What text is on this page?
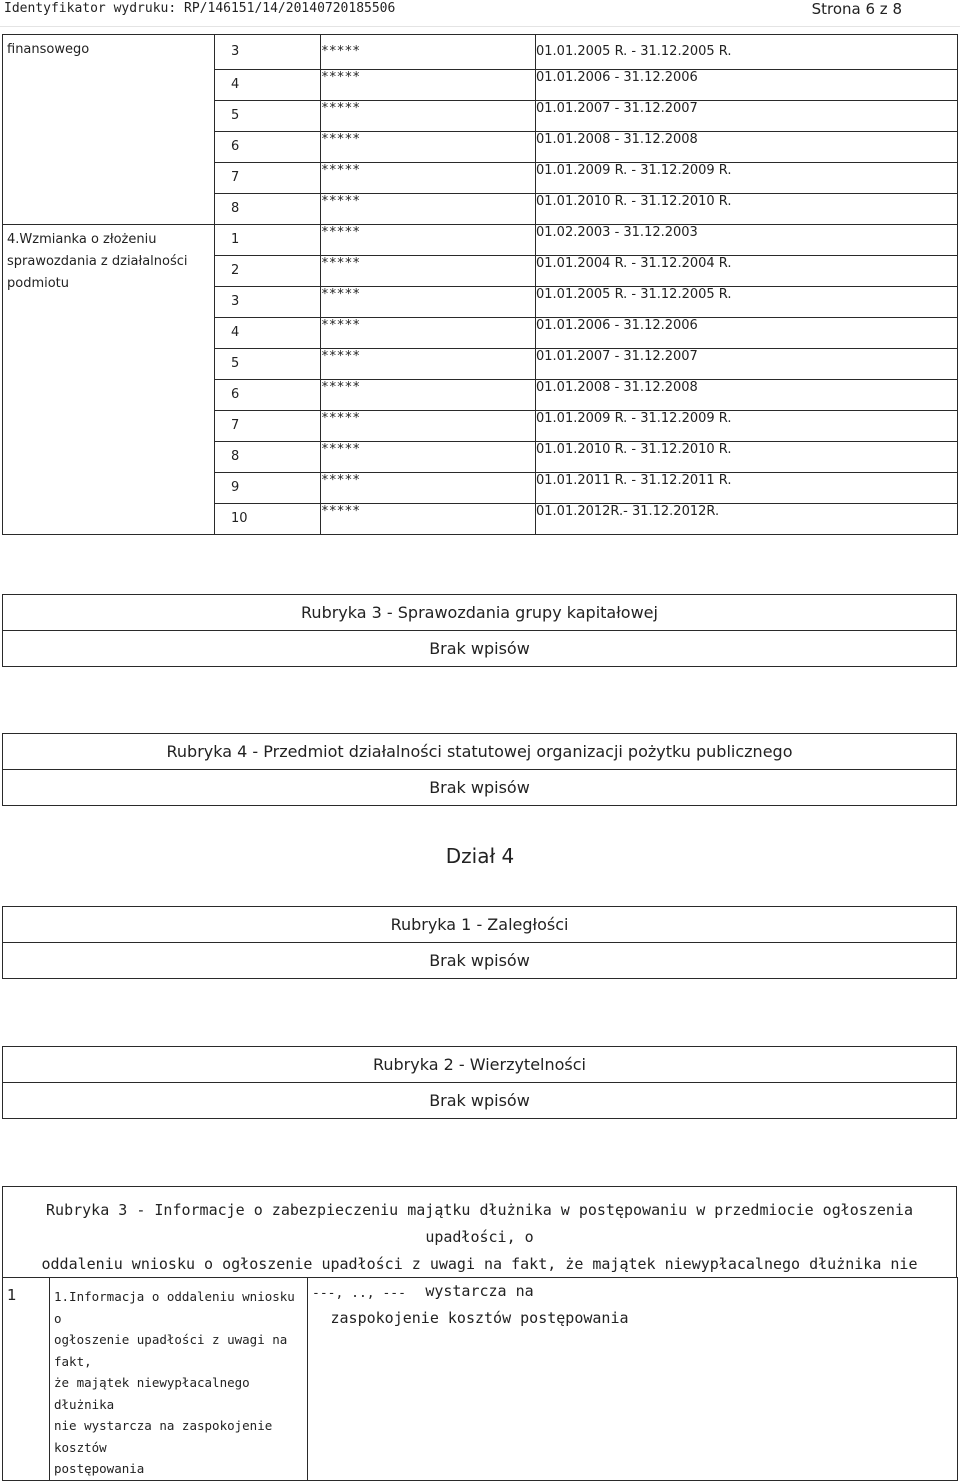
Identyfikator wydruku: RP/146151/14/20140720185506	Strona 6 z 8
finansowego	3	*****	01.01.2005 R. - 31.12.2005 R.
	4	*****	01.01.2006 - 31.12.2006
	5	*****	01.01.2007 - 31.12.2007
	6	*****	01.01.2008 - 31.12.2008
	7	*****	01.01.2009 R. - 31.12.2009 R.
	8	*****	01.01.2010 R. - 31.12.2010 R.

4.Wzmianka o złożeniu
sprawozdania z działalności
podmiotu	1	*****	01.02.2003 - 31.12.2003
	2	*****	01.01.2004 R. - 31.12.2004 R.
	3	*****	01.01.2005 R. - 31.12.2005 R.
	4	*****	01.01.2006 - 31.12.2006
	5	*****	01.01.2007 - 31.12.2007
	6	*****	01.01.2008 - 31.12.2008
	7	*****	01.01.2009 R. - 31.12.2009 R.
	8	*****	01.01.2010 R. - 31.12.2010 R.
	9	*****	01.01.2011 R. - 31.12.2011 R.
	10	*****	01.01.2012R.- 31.12.2012R.
Rubryka 3 - Sprawozdania grupy kapitałowej
Brak wpisów
Rubryka 4 - Przedmiot działalności statutowej organizacji pożytku publicznego
Brak wpisów
Dział 4
Rubryka 1 - Zaległości
Brak wpisów
Rubryka 2 - Wierzytelności
Brak wpisów
Rubryka 3 - Informacje o zabezpieczeniu majątku dłużnika w postępowaniu w przedmiocie ogłoszenia upadłości, o
oddaleniu wniosku o ogłoszenie upadłości z uwagi na fakt, że majątek niewypłacalnego dłużnika nie wystarcza na
zaspokojenie kosztów postępowania
1	1.Informacja o oddaleniu wniosku o
ogłoszenie upadłości z uwagi na fakt,
że majątek niewypłacalnego dłużnika
nie wystarcza na zaspokojenie kosztów
postępowania
	---, .., ---
